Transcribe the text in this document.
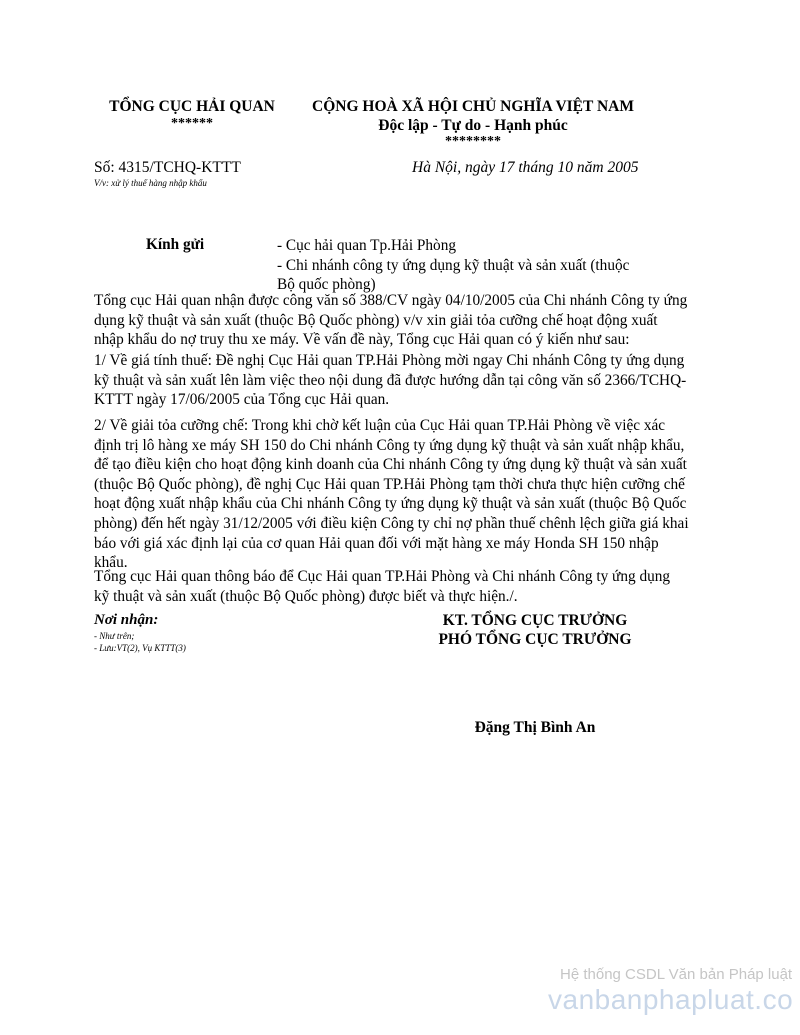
TỔNG CỤC HẢI QUAN
******
CỘNG HOÀ XÃ HỘI CHỦ NGHĨA VIỆT NAM
Độc lập - Tự do - Hạnh phúc
********
Số: 4315/TCHQ-KTTT
V/v: xử lý thuế hàng nhập khẩu
Hà Nội, ngày 17 tháng 10 năm 2005
Kính gửi	- Cục hải quan Tp.Hải Phòng
- Chi nhánh công ty ứng dụng kỹ thuật và sản xuất (thuộc
Bộ quốc phòng)
Tổng cục Hải quan nhận được công văn số 388/CV ngày 04/10/2005 của Chi nhánh Công ty ứng
dụng kỹ thuật và sản xuất (thuộc Bộ Quốc phòng) v/v xin giải tỏa cưỡng chế hoạt động xuất
nhập khẩu do nợ truy thu xe máy. Về vấn đề này, Tổng cục Hải quan có ý kiến như sau:
1/ Về giá tính thuế: Đề nghị Cục Hải quan TP.Hải Phòng mời ngay Chi nhánh Công ty ứng dụng
kỹ thuật và sản xuất lên làm việc theo nội dung đã được hướng dẫn tại công văn số 2366/TCHQ-
KTTT ngày 17/06/2005 của Tổng cục Hải quan.
2/ Về giải tỏa cưỡng chế: Trong khi chờ kết luận của Cục Hải quan TP.Hải Phòng về việc xác
định trị lô hàng xe máy SH 150 do Chi nhánh Công ty ứng dụng kỹ thuật và sản xuất nhập khẩu,
để tạo điều kiện cho hoạt động kinh doanh của Chi nhánh Công ty ứng dụng kỹ thuật và sản xuất
(thuộc Bộ Quốc phòng), đề nghị Cục Hải quan TP.Hải Phòng tạm thời chưa thực hiện cưỡng chế
hoạt động xuất nhập khẩu của Chi nhánh Công ty ứng dụng kỹ thuật và sản xuất (thuộc Bộ Quốc
phòng) đến hết ngày 31/12/2005 với điều kiện Công ty chỉ nợ phần thuế chênh lệch giữa giá khai
báo với giá xác định lại của cơ quan Hải quan đối với mặt hàng xe máy Honda SH 150 nhập
khẩu.
Tổng cục Hải quan thông báo để Cục Hải quan TP.Hải Phòng và Chi nhánh Công ty ứng dụng
kỹ thuật và sản xuất (thuộc Bộ Quốc phòng) được biết và thực hiện./.
Nơi nhận:
- Như trên;
- Lưu:VT(2), Vụ KTTT(3)
KT. TỔNG CỤC TRƯỞNG
PHÓ TỔNG CỤC TRƯỞNG
Đặng Thị Bình An
Hệ thống CSDL Văn bản Pháp luật
vanbanphapluat.co
